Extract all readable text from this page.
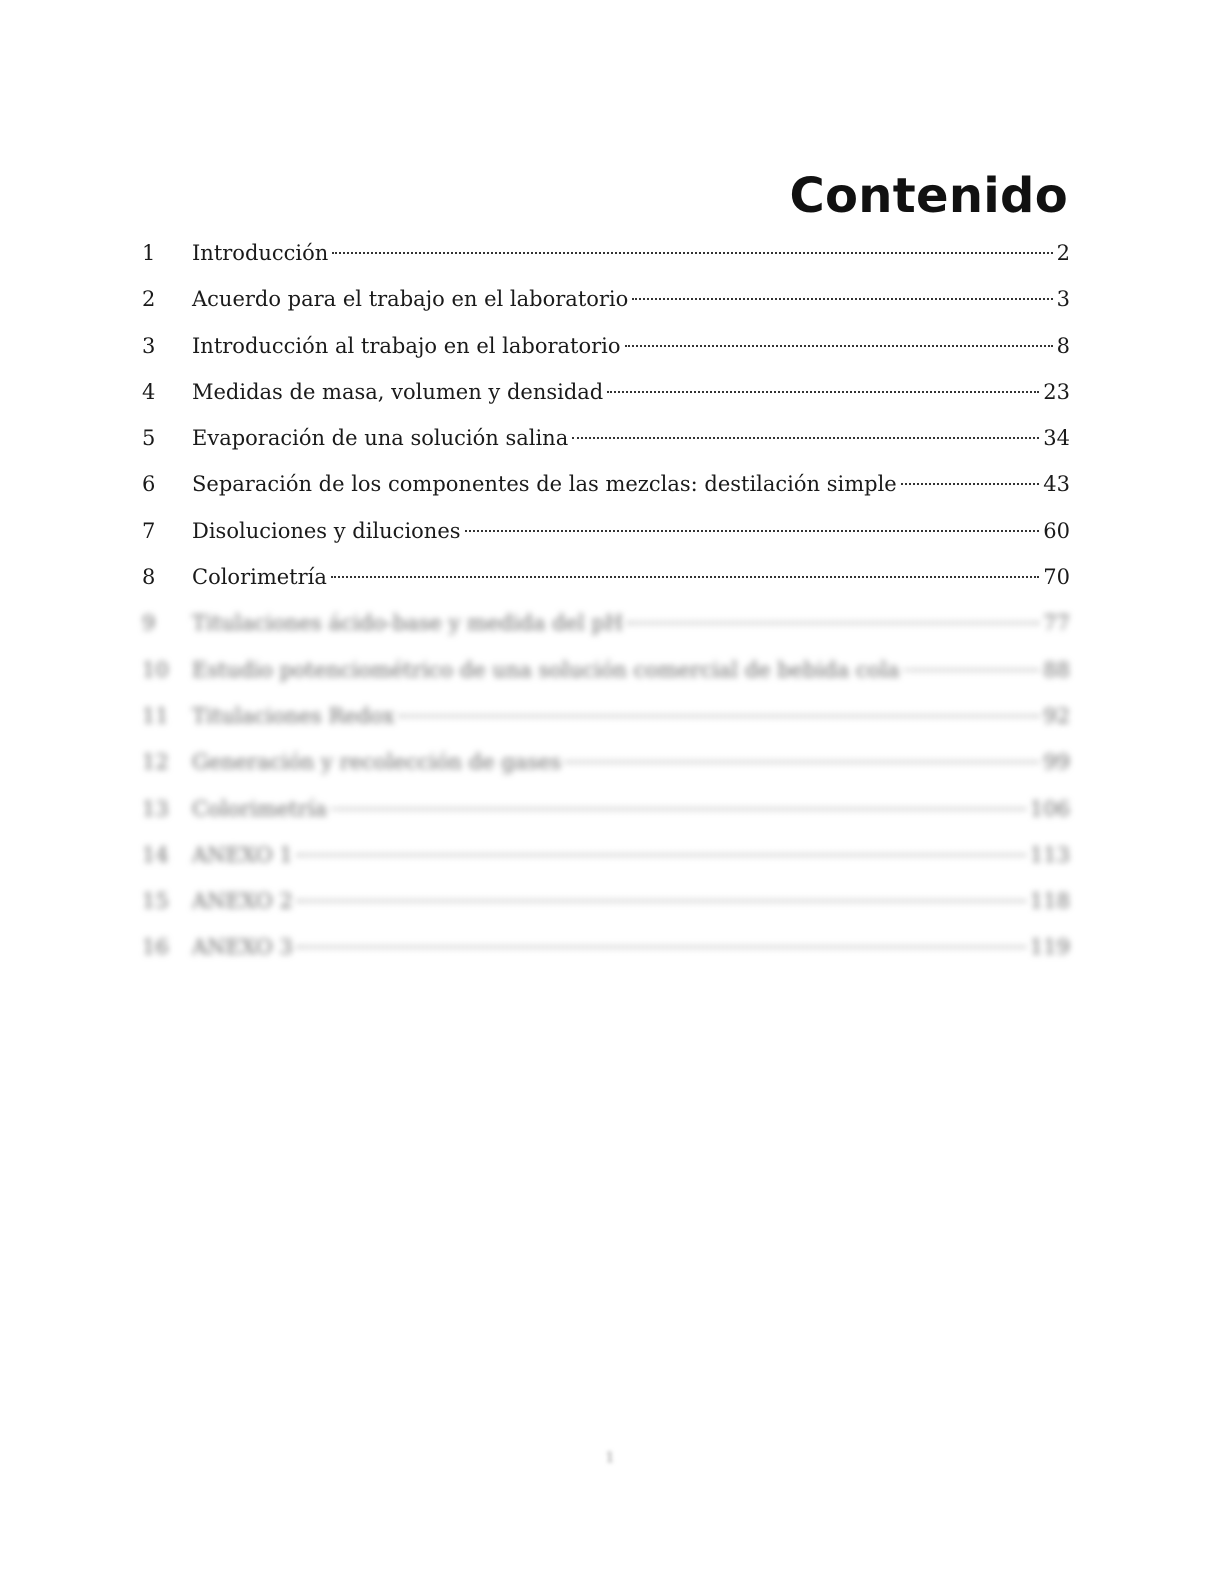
Contenido
1	Introducción	2
2	Acuerdo para el trabajo en el laboratorio	3
3	Introducción al trabajo en el laboratorio	8
4	Medidas de masa, volumen y densidad	23
5	Evaporación de una solución salina	34
6	Separación de los componentes de las mezclas: destilación simple	43
7	Disoluciones y diluciones	60
8	Colorimetría	70
9	Titulaciones ácido-base y medida del pH	77
10	Estudio potenciométrico de una solución comercial de bebida cola	88
11	Titulaciones Redox	92
12	Generación y recolección de gases	99
13	Colorimetría	106
14	ANEXO 1	113
15	ANEXO 2	118
16	ANEXO 3	119
1
